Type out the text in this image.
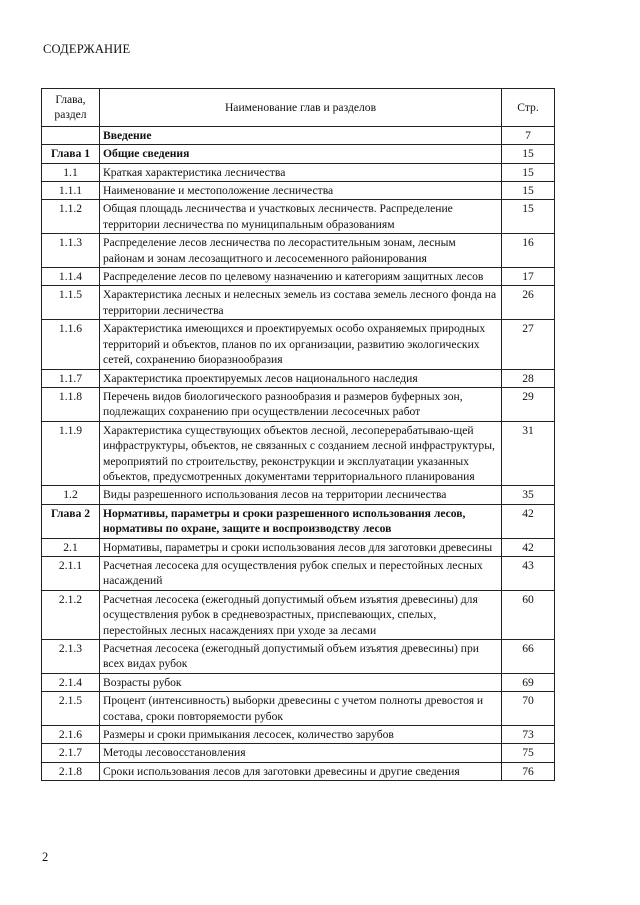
СОДЕРЖАНИЕ
Глава, раздел	Наименование глав и разделов	Стр.
	Введение	7
Глава 1	Общие сведения	15
1.1	Краткая характеристика лесничества	15
1.1.1	Наименование и местоположение лесничества	15
1.1.2	Общая площадь лесничества и участковых лесничеств. Распределение территории лесничества по муниципальным образованиям	15
1.1.3	Распределение лесов лесничества по лесорастительным зонам, лесным районам и зонам лесозащитного и лесосеменного районирования	16
1.1.4	Распределение лесов по целевому назначению и категориям защитных лесов	17
1.1.5	Характеристика лесных и нелесных земель из состава земель лесного фонда на территории лесничества	26
1.1.6	Характеристика имеющихся и проектируемых особо охраняемых природных территорий и объектов, планов по их организации, развитию экологических сетей, сохранению биоразнообразия	27
1.1.7	Характеристика проектируемых лесов национального наследия	28
1.1.8	Перечень видов биологического разнообразия и размеров буферных зон, подлежащих сохранению при осуществлении лесосечных работ	29
1.1.9	Характеристика существующих объектов лесной, лесоперерабатываю-щей инфраструктуры, объектов, не связанных с созданием лесной инфраструктуры, мероприятий по строительству, реконструкции и эксплуатации указанных объектов, предусмотренных документами территориального планирования	31
1.2	Виды разрешенного использования лесов на территории лесничества	35
Глава 2	Нормативы, параметры и сроки разрешенного использования лесов, нормативы по охране, защите и воспроизводству лесов	42
2.1	Нормативы, параметры и сроки использования лесов для заготовки древесины	42
2.1.1	Расчетная лесосека для осуществления рубок спелых и перестойных лесных насаждений	43
2.1.2	Расчетная лесосека (ежегодный допустимый объем изъятия древесины) для осуществления рубок в средневозрастных, приспевающих, спелых, перестойных лесных насаждениях при уходе за лесами	60
2.1.3	Расчетная лесосека (ежегодный допустимый объем изъятия древесины) при всех видах рубок	66
2.1.4	Возрасты рубок	69
2.1.5	Процент (интенсивность) выборки древесины с учетом полноты древостоя и состава, сроки повторяемости рубок	70
2.1.6	Размеры и сроки примыкания лесосек, количество зарубов	73
2.1.7	Методы лесовосстановления	75
2.1.8	Сроки использования лесов для заготовки древесины и другие сведения	76
2
